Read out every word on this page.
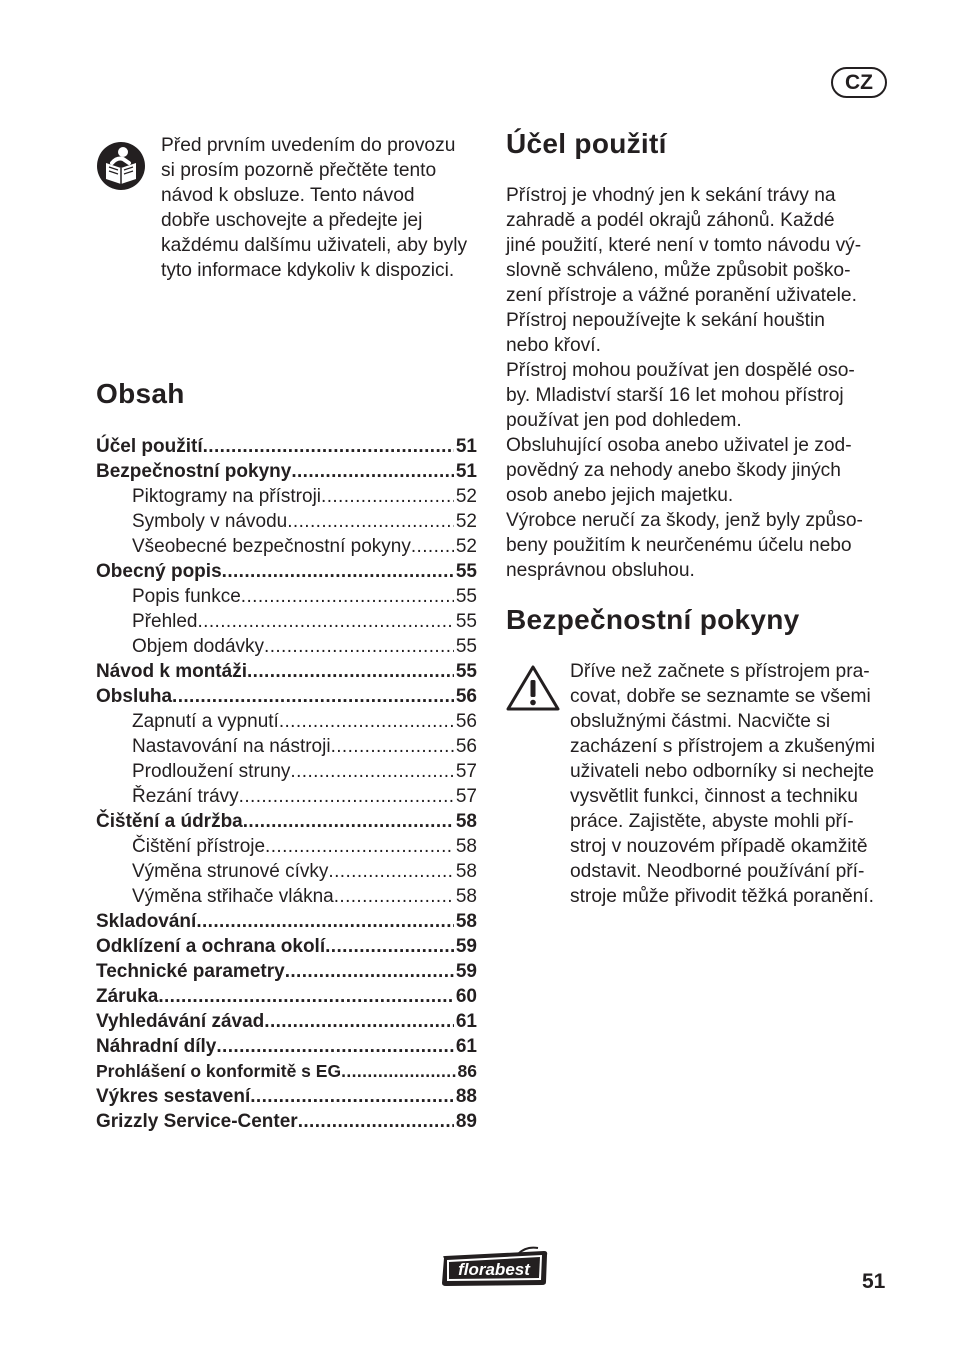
CZ
Před prvním uvedením do provozu
si prosím pozorně přečtěte tento
návod k obsluze. Tento návod
dobře uschovejte a předejte jej
každému dalšímu uživateli, aby byly
tyto informace kdykoliv k dispozici.
Obsah
Účel použití .....	51
Bezpečnostní pokyny .....	51
Piktogramy na přístroji .....	52
Symboly v návodu .....	52
Všeobecné bezpečnostní pokyny ..... 52
Obecný popis .....	55
Popis funkce .....	55
Přehled .....	55
Objem dodávky .....	55
Návod k montáži .....	55
Obsluha .....	56
Zapnutí a vypnutí .....	56
Nastavování na nástroji .....	56
Prodloužení struny .....	57
Řezání trávy .....	57
Čištění a údržba .....	58
Čištění přístroje .....	58
Výměna strunové cívky .....	58
Výměna střihače vlákna .....	58
Skladování .....	58
Odklízení a ochrana okolí .....	59
Technické parametry .....	59
Záruka .....	60
Vyhledávání závad .....	61
Náhradní díly .....	61
Prohlášení o konformitě s EG .....	86
Výkres sestavení .....	88
Grizzly Service-Center .....	89
Účel použití

Přístroj je vhodný jen k sekání trávy na
zahradě a podél okrajů záhonů. Každé
jiné použití, které není v tomto návodu vý-
slovně schváleno, může způsobit poško-
zení přístroje a vážné poranění uživatele.

Přístroj nepoužívejte k sekání houštin
nebo křoví.

Přístroj mohou používat jen dospělé oso-
by. Mladiství starší 16 let mohou přístroj
používat jen pod dohledem.

Obsluhující osoba anebo uživatel je zod-
povědný za nehody anebo škody jiných
osob anebo jejich majetku.

Výrobce neručí za škody, jenž byly způso-
beny použitím k neurčenému účelu nebo
nesprávnou obsluhou.

Bezpečnostní pokyny
Dříve než začnete s přístrojem pra-
covat, dobře se seznamte se všemi
obslužnými částmi. Nacvičte si
zacházení s přístrojem a zkušenými
uživateli nebo odborníky si nechejte
vysvětlit funkci, činnost a techniku
práce. Zajistěte, abyste mohli pří-
stroj v nouzovém případě okamžitě
odstavit. Neodborné používání pří-
stroje může přivodit těžká poranění.
florabest
51
